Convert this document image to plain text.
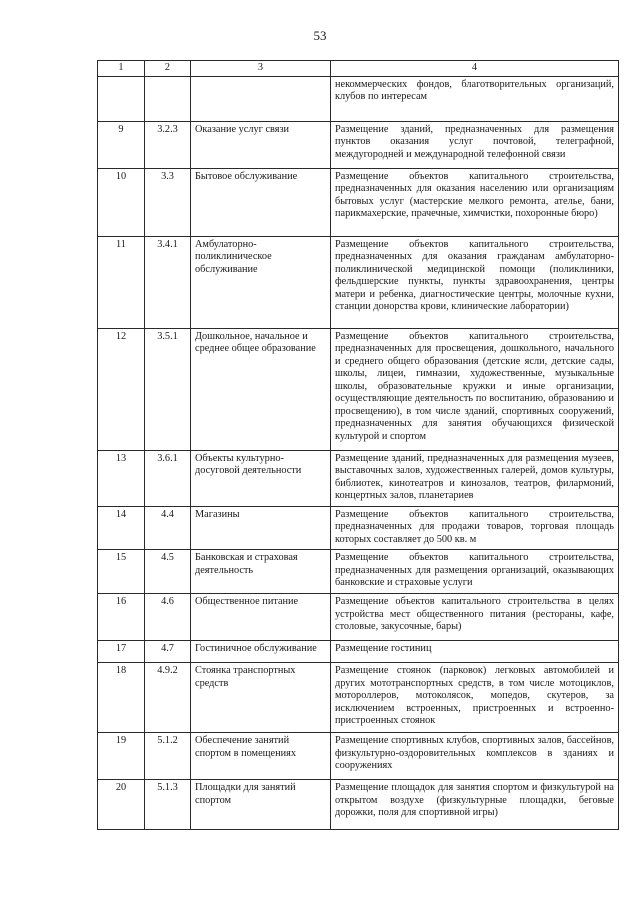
53
1	2	3	4
			некоммерческих фондов, благотворительных организаций, клубов по интересам
9	3.2.3	Оказание услуг связи	Размещение зданий, предназначенных для размещения пунктов оказания услуг почтовой, телеграфной, междугородней и международной телефонной связи
10	3.3	Бытовое обслуживание	Размещение объектов капитального строительства, предназначенных для оказания населению или организациям бытовых услуг (мастерские мелкого ремонта, ателье, бани, парикмахерские, прачечные, химчистки, похоронные бюро)
11	3.4.1	Амбулаторно-поликлиническое обслуживание	Размещение объектов капитального строительства, предназначенных для оказания гражданам амбулаторно-поликлинической медицинской помощи (поликлиники, фельдшерские пункты, пункты здравоохранения, центры матери и ребенка, диагностические центры, молочные кухни, станции донорства крови, клинические лаборатории)
12	3.5.1	Дошкольное, начальное и среднее общее образование	Размещение объектов капитального строительства, предназначенных для просвещения, дошкольного, начального и среднего общего образования (детские ясли, детские сады, школы, лицеи, гимназии, художественные, музыкальные школы, образовательные кружки и иные организации, осуществляющие деятельность по воспитанию, образованию и просвещению), в том числе зданий, спортивных сооружений, предназначенных для занятия обучающихся физической культурой и спортом
13	3.6.1	Объекты культурно-досуговой деятельности	Размещение зданий, предназначенных для размещения музеев, выставочных залов, художественных галерей, домов культуры, библиотек, кинотеатров и кинозалов, театров, филармоний, концертных залов, планетариев
14	4.4	Магазины	Размещение объектов капитального строительства, предназначенных для продажи товаров, торговая площадь которых составляет до 500 кв. м
15	4.5	Банковская и страховая деятельность	Размещение объектов капитального строительства, предназначенных для размещения организаций, оказывающих банковские и страховые услуги
16	4.6	Общественное питание	Размещение объектов капитального строительства в целях устройства мест общественного питания (рестораны, кафе, столовые, закусочные, бары)
17	4.7	Гостиничное обслуживание	Размещение гостиниц
18	4.9.2	Стоянка транспортных средств	Размещение стоянок (парковок) легковых автомобилей и других мототранспортных средств, в том числе мотоциклов, мотороллеров, мотоколясок, мопедов, скутеров, за исключением встроенных, пристроенных и встроенно-пристроенных стоянок
19	5.1.2	Обеспечение занятий спортом в помещениях	Размещение спортивных клубов, спортивных залов, бассейнов, физкультурно-оздоровительных комплексов в зданиях и сооружениях
20	5.1.3	Площадки для занятий спортом	Размещение площадок для занятия спортом и физкультурой на открытом воздухе (физкультурные площадки, беговые дорожки, поля для спортивной игры)
